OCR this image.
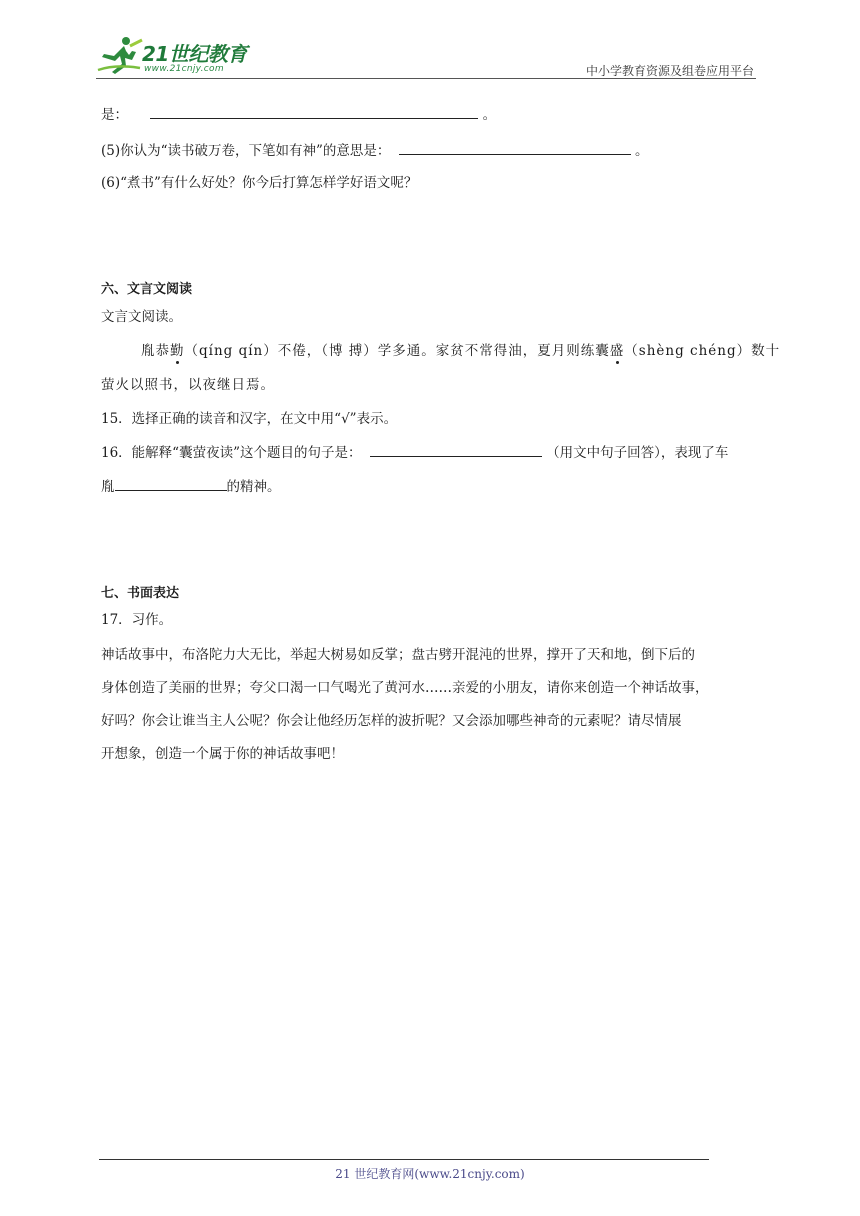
21世纪教育
www.21cnjy.com	中小学教育资源及组卷应用平台
是：	。
(5)你认为“读书破万卷，下笔如有神”的意思是：	。
(6)“煮书”有什么好处？你今后打算怎样学好语文呢？
六、文言文阅读
文言文阅读。
胤恭勤（qíng qín）不倦，（博 搏）学多通。家贫不常得油，夏月则练囊盛（shèng chéng）数十
萤火以照书，以夜继日焉。
15．选择正确的读音和汉字，在文中用“√”表示。
16．能解释“囊萤夜读”这个题目的句子是：	（用文中句子回答），表现了车
胤	的精神。
七、书面表达
17．习作。
神话故事中，布洛陀力大无比，举起大树易如反掌；盘古劈开混沌的世界，撑开了天和地，倒下后的
身体创造了美丽的世界；夸父口渴一口气喝光了黄河水……亲爱的小朋友，请你来创造一个神话故事，
好吗？你会让谁当主人公呢？你会让他经历怎样的波折呢？又会添加哪些神奇的元素呢？请尽情展
开想象，创造一个属于你的神话故事吧！
21 世纪教育网(www.21cnjy.com)
